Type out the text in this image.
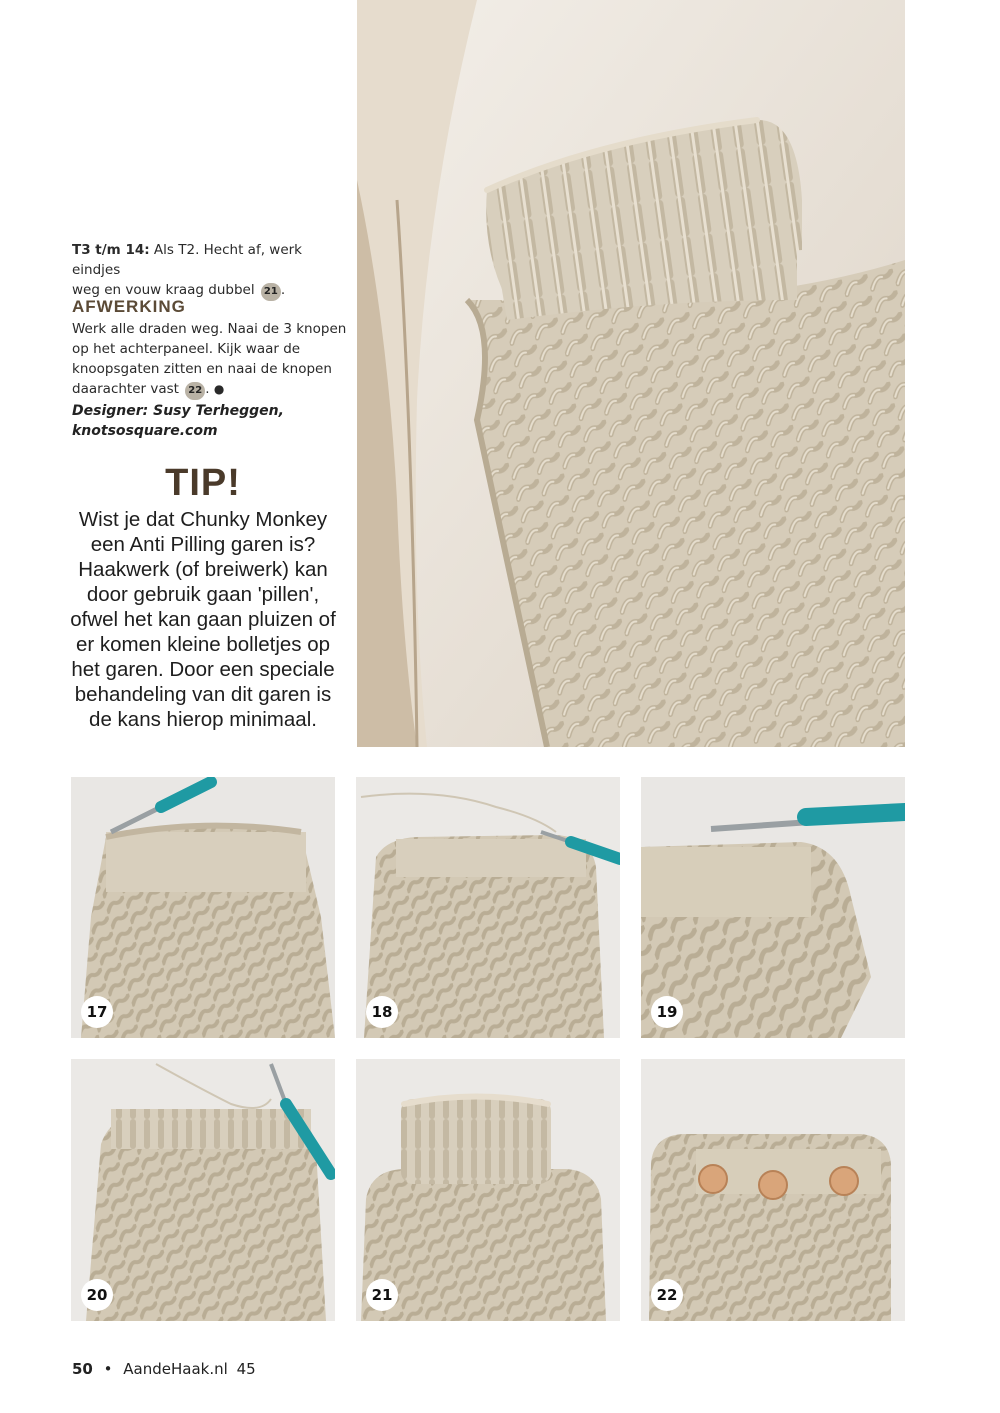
T3 t/m 14: Als T2. Hecht af, werk eindjes
weg en vouw kraag dubbel 21 .
AFWERKING
Werk alle draden weg. Naai de 3 knopen
op het achterpaneel. Kijk waar de
knoopsgaten zitten en naai de knopen
daarachter vast 22 . ●
Designer: Susy Terheggen,
knotsosquare.com
TIP!
Wist je dat Chunky Monkey
een Anti Pilling garen is?
Haakwerk (of breiwerk) kan
door gebruik gaan 'pillen',
ofwel het kan gaan pluizen of
er komen kleine bolletjes op
het garen. Door een speciale
behandeling van dit garen is
de kans hierop minimaal.
17	18	19
20	21	22
50 • AandeHaak.nl 45
